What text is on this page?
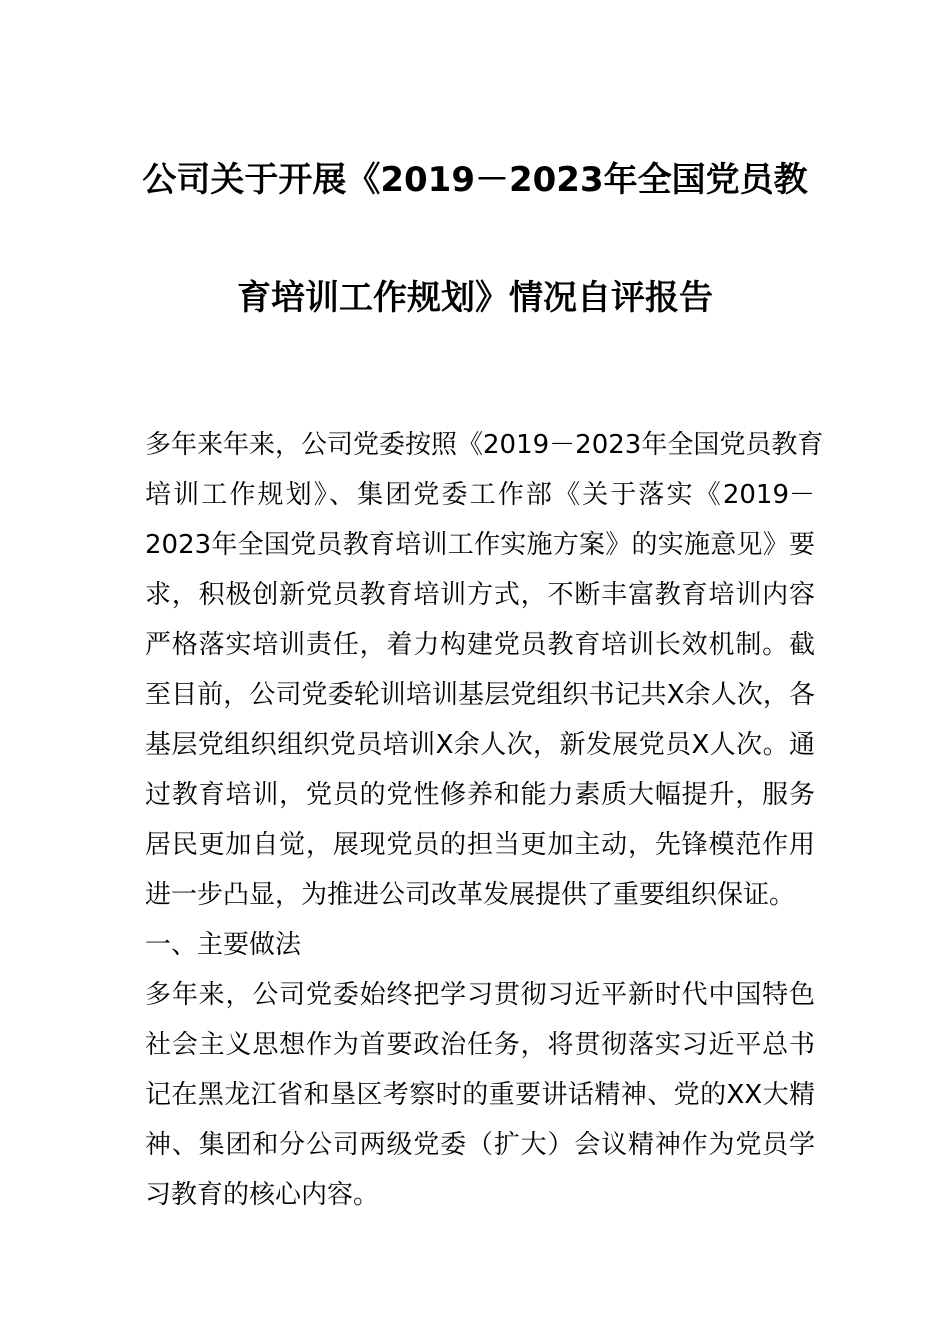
公司关于开展《2019－2023年全国党员教
育培训工作规划》情况自评报告
多年来年来，公司党委按照《2019－2023年全国党员教育
培训工作规划》、集团党委工作部《关于落实《2019－
2023年全国党员教育培训工作实施方案》的实施意见》要
求，积极创新党员教育培训方式，不断丰富教育培训内容
严格落实培训责任，着力构建党员教育培训长效机制。截
至目前，公司党委轮训培训基层党组织书记共X余人次，各
基层党组织组织党员培训X余人次，新发展党员X人次。通
过教育培训，党员的党性修养和能力素质大幅提升，服务
居民更加自觉，展现党员的担当更加主动，先锋模范作用
进一步凸显，为推进公司改革发展提供了重要组织保证。
一、主要做法
多年来，公司党委始终把学习贯彻习近平新时代中国特色
社会主义思想作为首要政治任务，将贯彻落实习近平总书
记在黑龙江省和垦区考察时的重要讲话精神、党的XX大精
神、集团和分公司两级党委（扩大）会议精神作为党员学
习教育的核心内容。
